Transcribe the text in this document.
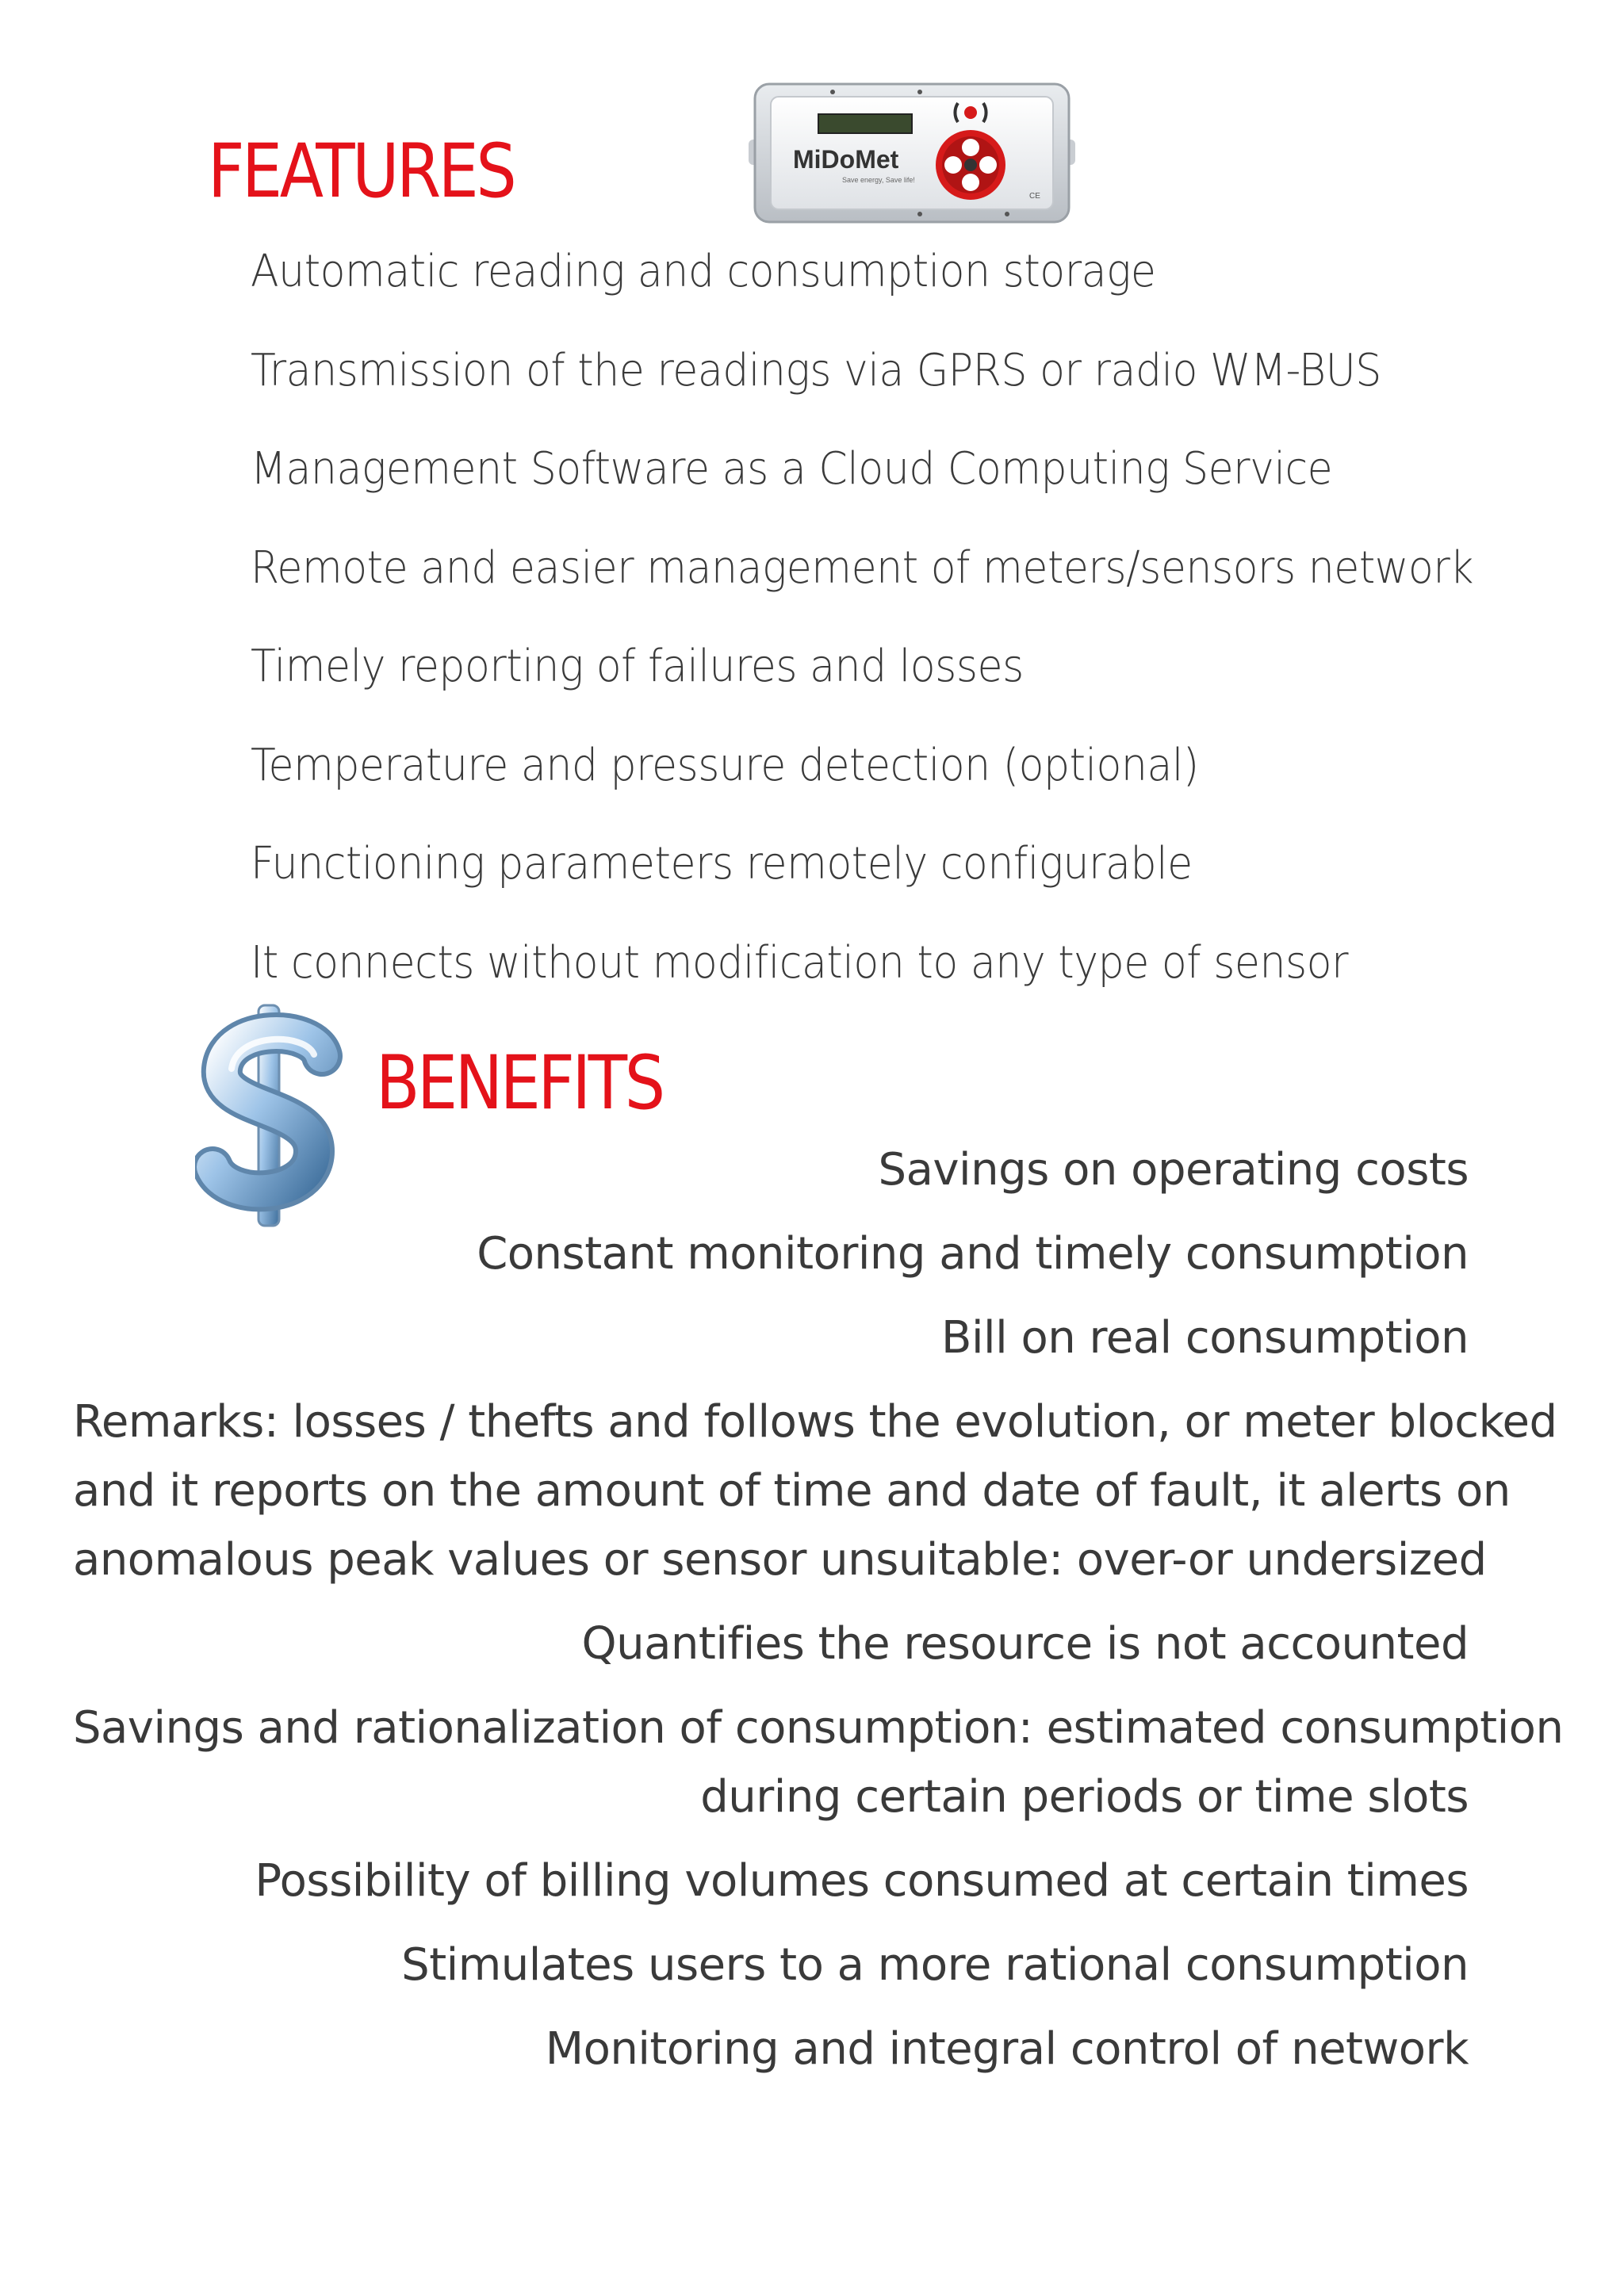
FEATURES	MiDoMet
Save energy, Save life!
CE
Automatic reading and consumption storage
Transmission of the readings via GPRS or radio WM-BUS
Management Software as a Cloud Computing Service
Remote and easier management of meters/sensors network
Timely reporting of failures and losses
Temperature and pressure detection (optional)
Functioning parameters remotely configurable
It connects without modification to any type of sensor
BENEFITS
Savings on operating costs
Constant monitoring and timely consumption
Bill on real consumption
Remarks: losses / thefts and follows the evolution, or meter blocked
and it reports on the amount of time and date of fault, it alerts on
anomalous peak values or sensor unsuitable: over-or undersized
Quantifies the resource is not accounted
Savings and rationalization of consumption: estimated consumption
during certain periods or time slots
Possibility of billing volumes consumed at certain times
Stimulates users to a more rational consumption
Monitoring and integral control of network
